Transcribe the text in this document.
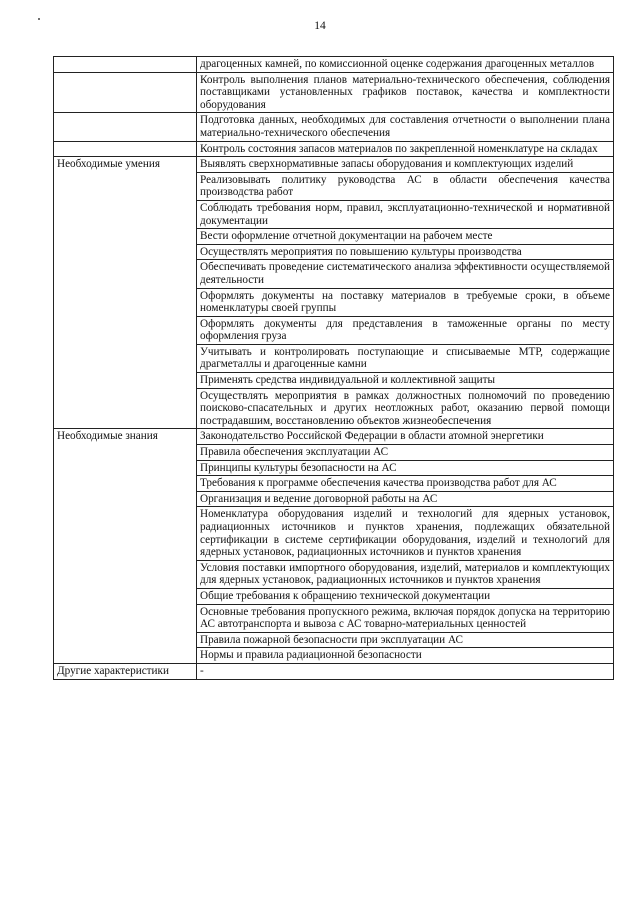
14
	драгоценных камней, по комиссионной оценке содержания драгоценных металлов
	Контроль выполнения планов материально-технического обеспечения, соблюдения поставщиками установленных графиков поставок, качества и комплектности оборудования
	Подготовка данных, необходимых для составления отчетности о выполнении плана материально-технического обеспечения
	Контроль состояния запасов материалов по закрепленной номенклатуре на складах
Необходимые умения	Выявлять сверхнормативные запасы оборудования и комплектующих изделий
	Реализовывать политику руководства АС в области обеспечения качества производства работ
	Соблюдать требования норм, правил, эксплуатационно-технической и нормативной документации
	Вести оформление отчетной документации на рабочем месте
	Осуществлять мероприятия по повышению культуры производства
	Обеспечивать проведение систематического анализа эффективности осуществляемой деятельности
	Оформлять документы на поставку материалов в требуемые сроки, в объеме номенклатуры своей группы
	Оформлять документы для представления в таможенные органы по месту оформления груза
	Учитывать и контролировать поступающие и списываемые МТР, содержащие драгметаллы и драгоценные камни
	Применять средства индивидуальной и коллективной защиты
	Осуществлять мероприятия в рамках должностных полномочий по проведению поисково-спасательных и других неотложных работ, оказанию первой помощи пострадавшим, восстановлению объектов жизнеобеспечения
Необходимые знания	Законодательство Российской Федерации в области атомной энергетики
	Правила обеспечения эксплуатации АС
	Принципы культуры безопасности на АС
	Требования к программе обеспечения качества производства работ для АС
	Организация и ведение договорной работы на АС
	Номенклатура оборудования изделий и технологий для ядерных установок, радиационных источников и пунктов хранения, подлежащих обязательной сертификации в системе сертификации оборудования, изделий и технологий для ядерных установок, радиационных источников и пунктов хранения
	Условия поставки импортного оборудования, изделий, материалов и комплектующих для ядерных установок, радиационных источников и пунктов хранения
	Общие требования к обращению технической документации
	Основные требования пропускного режима, включая порядок допуска на территорию АС автотранспорта и вывоза с АС товарно-материальных ценностей
	Правила пожарной безопасности при эксплуатации АС
	Нормы и правила радиационной безопасности
Другие характеристики	-
